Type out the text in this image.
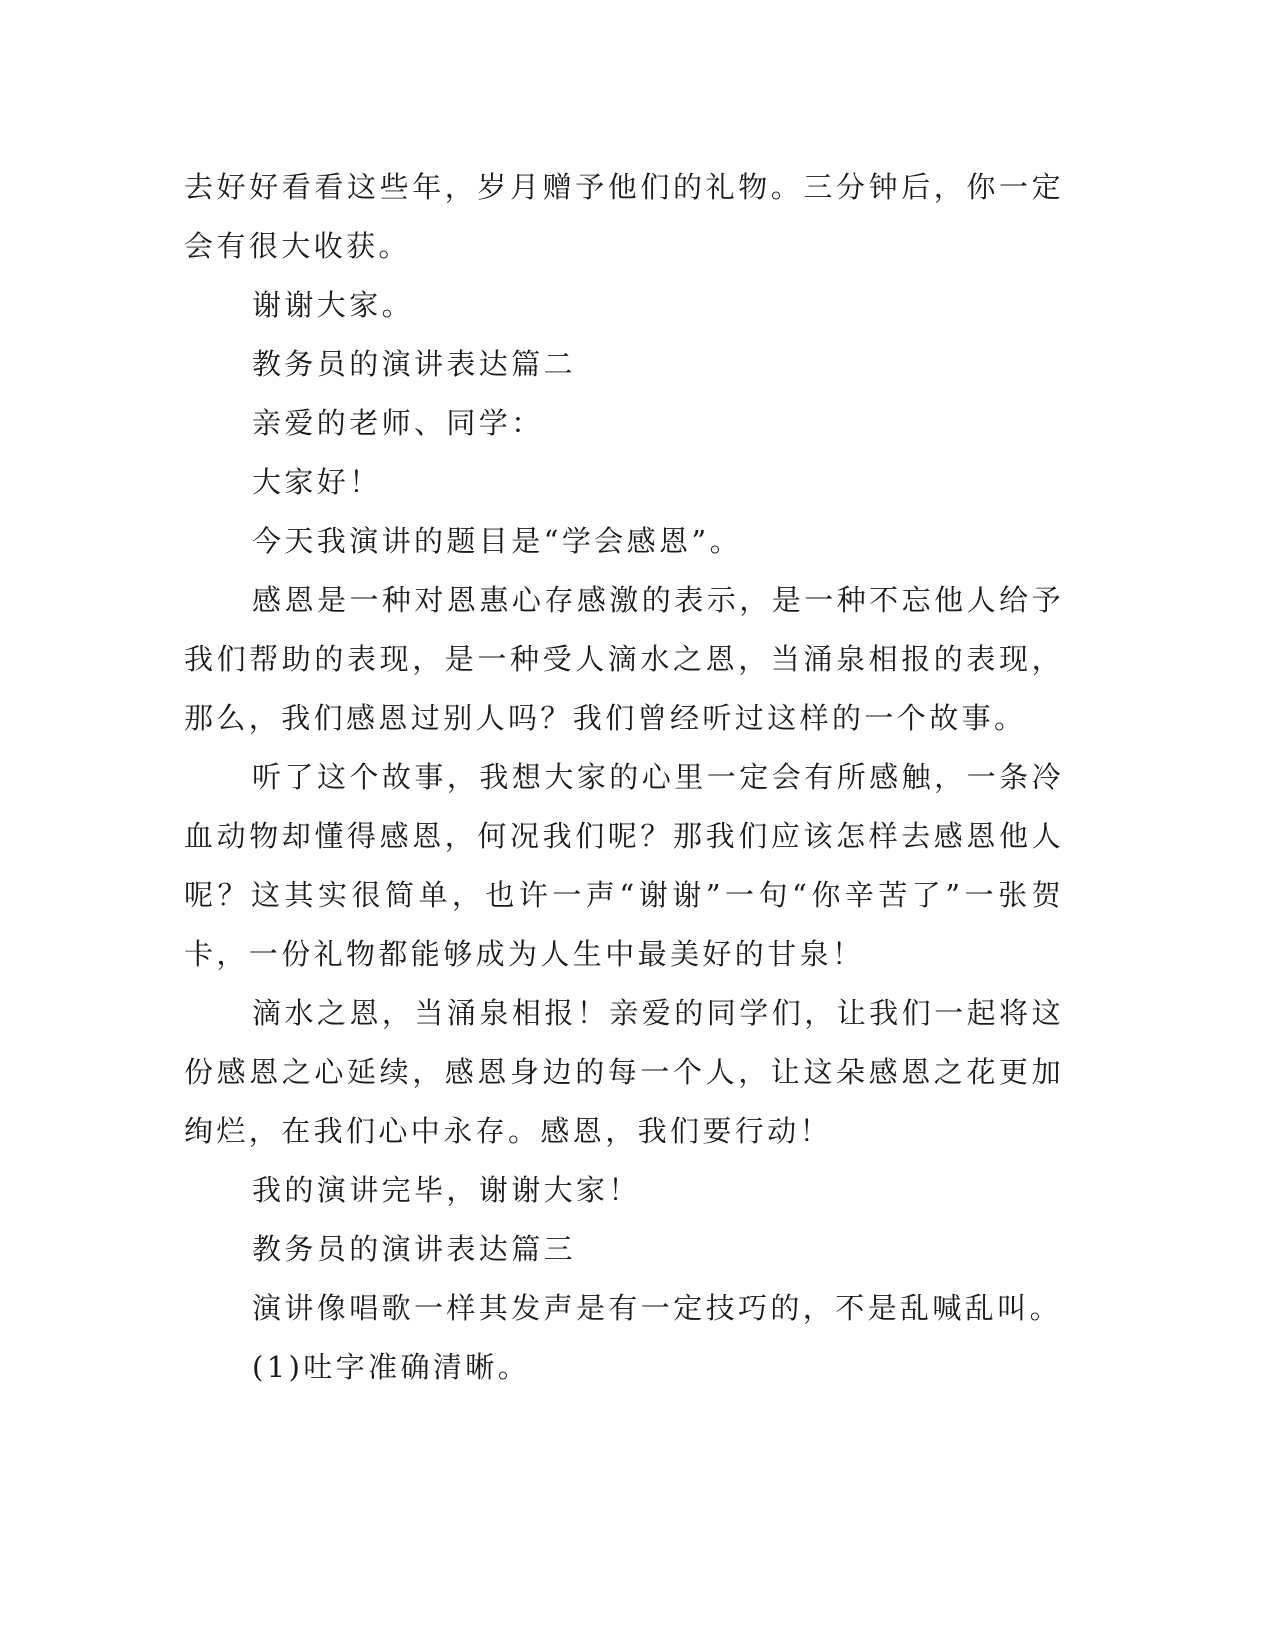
去好好看看这些年，岁月赠予他们的礼物。三分钟后，你一定会有很大收获。

谢谢大家。

教务员的演讲表达篇二

亲爱的老师、同学：

大家好！

今天我演讲的题目是“学会感恩”。

感恩是一种对恩惠心存感激的表示，是一种不忘他人给予我们帮助的表现，是一种受人滴水之恩，当涌泉相报的表现，那么，我们感恩过别人吗？我们曾经听过这样的一个故事。

听了这个故事，我想大家的心里一定会有所感触，一条冷血动物却懂得感恩，何况我们呢？那我们应该怎样去感恩他人呢？这其实很简单，也许一声“谢谢”一句“你辛苦了”一张贺卡，一份礼物都能够成为人生中最美好的甘泉！

滴水之恩，当涌泉相报！亲爱的同学们，让我们一起将这份感恩之心延续，感恩身边的每一个人，让这朵感恩之花更加绚烂，在我们心中永存。感恩，我们要行动！

我的演讲完毕，谢谢大家！

教务员的演讲表达篇三

演讲像唱歌一样其发声是有一定技巧的，不是乱喊乱叫。

(1)吐字准确清晰。
